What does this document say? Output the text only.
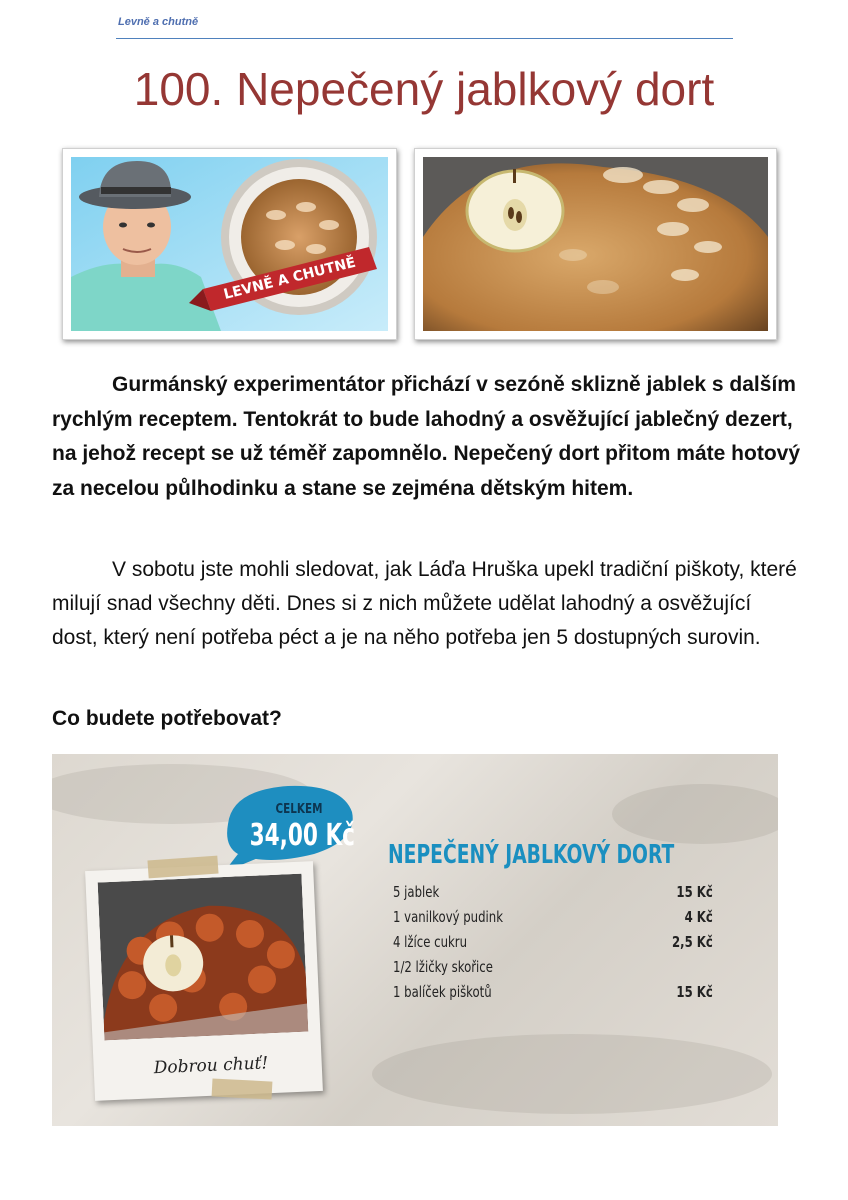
Levně a chutně
100. Nepečený jablkový dort
LEVNĚ A CHUTNĚ

Gurmánský experimentátor přichází v sezóně sklizně jablek s dalším rychlým receptem. Tentokrát to bude lahodný a osvěžující jablečný dezert, na jehož recept se už téměř zapomnělo. Nepečený dort přitom máte hotový za necelou půlhodinku a stane se zejména dětským hitem.

V sobotu jste mohli sledovat, jak Láďa Hruška upekl tradiční piškoty, které milují snad všechny děti. Dnes si z nich můžete udělat lahodný a osvěžující dost, který není potřeba péct a je na něho potřeba jen 5 dostupných surovin.

Co budete potřebovat?
CELKEM
34,00 Kč
NEPEČENÝ JABLKOVÝ DORT
5 jablek	15 Kč
1 vanilkový pudink	4 Kč
4 lžíce cukru	2,5 Kč
1/2 lžičky skořice
1 balíček piškotů	15 Kč
Dobrou chuť!
